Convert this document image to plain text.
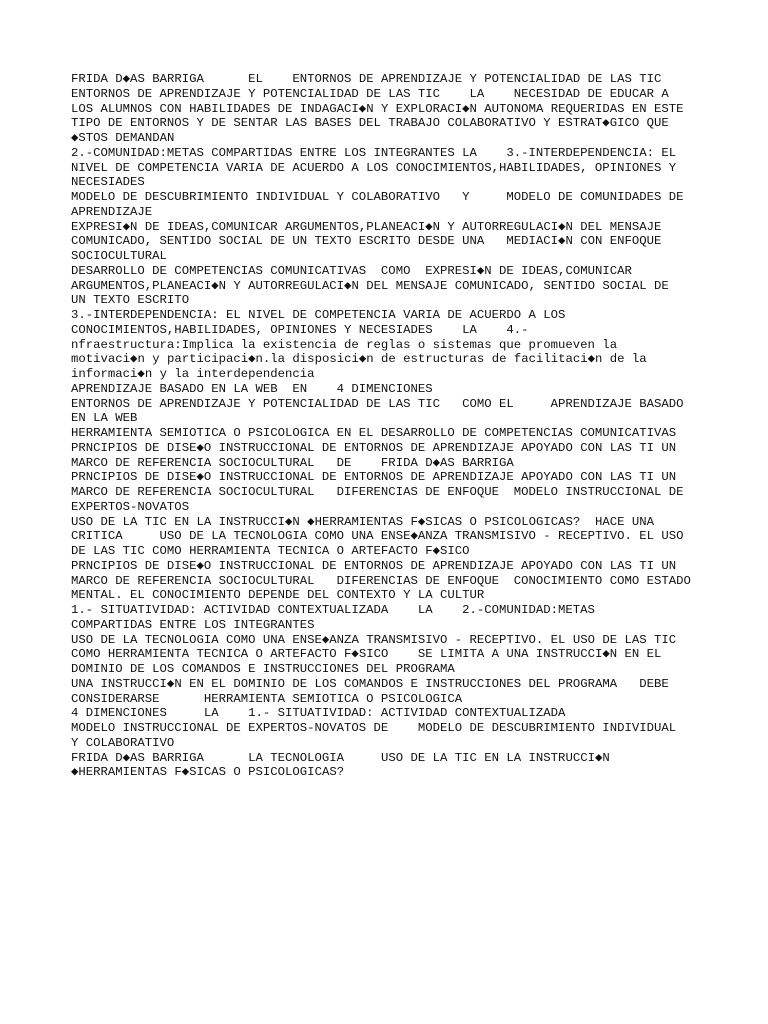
FRIDA D◆AS BARRIGA      EL    ENTORNOS DE APRENDIZAJE Y POTENCIALIDAD DE LAS TIC
ENTORNOS DE APRENDIZAJE Y POTENCIALIDAD DE LAS TIC    LA    NECESIDAD DE EDUCAR A
LOS ALUMNOS CON HABILIDADES DE INDAGACI◆N Y EXPLORACI◆N AUTONOMA REQUERIDAS EN ESTE
TIPO DE ENTORNOS Y DE SENTAR LAS BASES DEL TRABAJO COLABORATIVO Y ESTRAT◆GICO QUE
◆STOS DEMANDAN
2.-COMUNIDAD:METAS COMPARTIDAS ENTRE LOS INTEGRANTES LA    3.-INTERDEPENDENCIA: EL
NIVEL DE COMPETENCIA VARIA DE ACUERDO A LOS CONOCIMIENTOS,HABILIDADES, OPINIONES Y
NECESIADES
MODELO DE DESCUBRIMIENTO INDIVIDUAL Y COLABORATIVO   Y     MODELO DE COMUNIDADES DE
APRENDIZAJE
EXPRESI◆N DE IDEAS,COMUNICAR ARGUMENTOS,PLANEACI◆N Y AUTORREGULACI◆N DEL MENSAJE
COMUNICADO, SENTIDO SOCIAL DE UN TEXTO ESCRITO DESDE UNA   MEDIACI◆N CON ENFOQUE
SOCIOCULTURAL
DESARROLLO DE COMPETENCIAS COMUNICATIVAS  COMO  EXPRESI◆N DE IDEAS,COMUNICAR
ARGUMENTOS,PLANEACI◆N Y AUTORREGULACI◆N DEL MENSAJE COMUNICADO, SENTIDO SOCIAL DE
UN TEXTO ESCRITO
3.-INTERDEPENDENCIA: EL NIVEL DE COMPETENCIA VARIA DE ACUERDO A LOS
CONOCIMIENTOS,HABILIDADES, OPINIONES Y NECESIADES    LA    4.-
nfraestructura:Implica la existencia de reglas o sistemas que promueven la
motivaci◆n y participaci◆n.la disposici◆n de estructuras de facilitaci◆n de la
informaci◆n y la interdependencia
APRENDIZAJE BASADO EN LA WEB  EN    4 DIMENCIONES
ENTORNOS DE APRENDIZAJE Y POTENCIALIDAD DE LAS TIC   COMO EL     APRENDIZAJE BASADO
EN LA WEB
HERRAMIENTA SEMIOTICA O PSICOLOGICA EN EL DESARROLLO DE COMPETENCIAS COMUNICATIVAS
PRNCIPIOS DE DISE◆O INSTRUCCIONAL DE ENTORNOS DE APRENDIZAJE APOYADO CON LAS TI UN
MARCO DE REFERENCIA SOCIOCULTURAL   DE    FRIDA D◆AS BARRIGA
PRNCIPIOS DE DISE◆O INSTRUCCIONAL DE ENTORNOS DE APRENDIZAJE APOYADO CON LAS TI UN
MARCO DE REFERENCIA SOCIOCULTURAL   DIFERENCIAS DE ENFOQUE  MODELO INSTRUCCIONAL DE
EXPERTOS-NOVATOS
USO DE LA TIC EN LA INSTRUCCI◆N ◆HERRAMIENTAS F◆SICAS O PSICOLOGICAS?  HACE UNA
CRITICA     USO DE LA TECNOLOGIA COMO UNA ENSE◆ANZA TRANSMISIVO - RECEPTIVO. EL USO
DE LAS TIC COMO HERRAMIENTA TECNICA O ARTEFACTO F◆SICO
PRNCIPIOS DE DISE◆O INSTRUCCIONAL DE ENTORNOS DE APRENDIZAJE APOYADO CON LAS TI UN
MARCO DE REFERENCIA SOCIOCULTURAL   DIFERENCIAS DE ENFOQUE  CONOCIMIENTO COMO ESTADO
MENTAL. EL CONOCIMIENTO DEPENDE DEL CONTEXTO Y LA CULTUR
1.- SITUATIVIDAD: ACTIVIDAD CONTEXTUALIZADA    LA    2.-COMUNIDAD:METAS
COMPARTIDAS ENTRE LOS INTEGRANTES
USO DE LA TECNOLOGIA COMO UNA ENSE◆ANZA TRANSMISIVO - RECEPTIVO. EL USO DE LAS TIC
COMO HERRAMIENTA TECNICA O ARTEFACTO F◆SICO    SE LIMITA A UNA INSTRUCCI◆N EN EL
DOMINIO DE LOS COMANDOS E INSTRUCCIONES DEL PROGRAMA
UNA INSTRUCCI◆N EN EL DOMINIO DE LOS COMANDOS E INSTRUCCIONES DEL PROGRAMA   DEBE
CONSIDERARSE      HERRAMIENTA SEMIOTICA O PSICOLOGICA
4 DIMENCIONES     LA    1.- SITUATIVIDAD: ACTIVIDAD CONTEXTUALIZADA
MODELO INSTRUCCIONAL DE EXPERTOS-NOVATOS DE    MODELO DE DESCUBRIMIENTO INDIVIDUAL
Y COLABORATIVO
FRIDA D◆AS BARRIGA      LA TECNOLOGIA     USO DE LA TIC EN LA INSTRUCCI◆N
◆HERRAMIENTAS F◆SICAS O PSICOLOGICAS?
